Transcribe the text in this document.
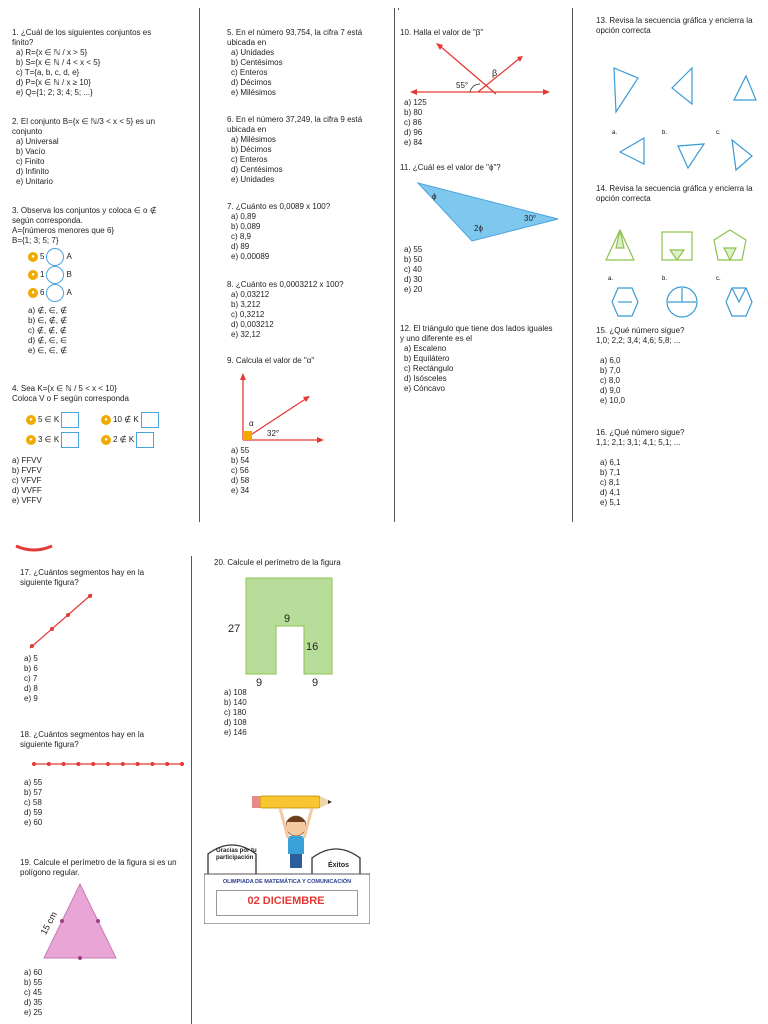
1. ¿Cuál de los siguientes conjuntos es
finito?
a) R={x ∈ ℕ / x > 5}
b) S={x ∈ ℕ / 4 < x < 5}
c) T={a, b, c, d, e}
d) P={x ∈ ℕ / x ≥ 10}
e) Q={1; 2; 3; 4; 5; ...}
2. El conjunto B={x ∈ ℕ/3 < x < 5} es un
conjunto
a) Universal
b) Vacío
c) Finito
d) Infinito
e) Unitario
3. Observa los conjuntos y coloca ∈ o ∉
según corresponda.
A={números menores que 6}
B={1; 3; 5; 7}
● 5	A
● 1	B
● 6	A
a) ∉, ∈, ∉
b) ∈, ∉, ∉
c) ∉, ∉, ∉
d) ∉, ∈, ∈
e) ∈, ∈, ∉
4. Sea K={x ∈ ℕ / 5 < x < 10}
Coloca V o F según corresponda
● 5 ∈ K	● 10 ∉ K
● 3 ∈ K	● 2 ∉ K
a) FFVV
b) FVFV
c) VFVF
d) VVFF
e) VFFV
5. En el número 93,754, la cifra 7 está
ubicada en
a) Unidades
b) Centésimos
c) Enteros
d) Décimos
e) Milésimos
6. En el número 37,249, la cifra 9 está
ubicada en
a) Milésimos
b) Décimos
c) Enteros
d) Centésimos
e) Unidades
7. ¿Cuánto es 0,0089 x 100?
a) 0,89
b) 0,089
c) 8,9
d) 89
e) 0,00089
8. ¿Cuánto es 0,0003212 x 100?
a) 0,03212
b) 3,212
c) 0,3212
d) 0,003212
e) 32,12
9. Calcula el valor de "α"
α
32°
a) 55
b) 54
c) 56
d) 58
e) 34
10. Halla el valor de "β"
55°
β
a) 125
b) 80
c) 86
d) 96
e) 84
11. ¿Cuál es el valor de "ϕ"?
ϕ
30°
2ϕ
a) 55
b) 50
c) 40
d) 30
e) 20
12. El triángulo que tiene dos lados iguales
y uno diferente es el
a) Escaleno
b) Equilátero
c) Rectángulo
d) Isósceles
e) Cóncavo
13. Revisa la secuencia gráfica y encierra la
opción correcta
a.	b.	c.
14. Revisa la secuencia gráfica y encierra la
opción correcta
a.	b.	c.
15. ¿Qué número sigue?
1,0; 2,2; 3,4; 4,6; 5,8; ...
a) 6,0
b) 7,0
c) 8,0
d) 9,0
e) 10,0
16. ¿Qué número sigue?
1,1; 2,1; 3,1; 4,1; 5,1; ...
a) 6,1
b) 7,1
c) 8,1
d) 4,1
e) 5,1
17. ¿Cuántos segmentos hay en la
siguiente figura?
a) 5
b) 6
c) 7
d) 8
e) 9
18. ¿Cuántos segmentos hay en la
siguiente figura?
a) 55
b) 57
c) 58
d) 59
e) 60
19. Calcule el perímetro de la figura si es un
polígono regular.
15 cm
a) 60
b) 55
c) 45
d) 35
e) 25
20. Calcule el perímetro de la figura
27
9
16
9	9
a) 108
b) 140
c) 180
d) 108
e) 146
Gracias por tu
participación
Éxitos
OLIMPIADA DE MATEMÁTICA Y COMUNICACIÓN
02 DICIEMBRE
